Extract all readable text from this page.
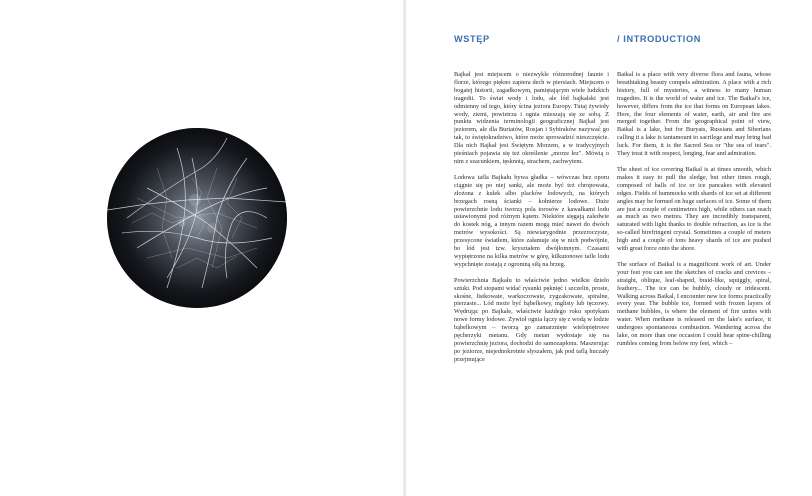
WSTĘP	/ INTRODUCTION

Bajkał jest miejscem o niezwykle różnorodnej faunie i florze, którego piękno zapiera dech w piersiach. Miejscem o bogatej historii, zagadkowym, pamiętającym wiele ludzkich tragedii. To świat wody i lodu, ale lód bajkalski jest odmienny od tego, który ścina jeziora Europy. Tutaj żywioły wody, ziemi, powietrza i ognia mieszają się ze sobą. Z punktu widzenia terminologii geograficznej Bajkał jest jeziorem, ale dla Buriatów, Rosjan i Sybiraków nazywać go tak, to świętokradztwo, które może sprowadzić nieszczęście. Dla nich Bajkał jest Świętym Morzem, a w tradycyjnych pieśniach pojawia się też określenie „morze łez". Mówią o nim z szacunkiem, tęsknotą, strachem, zachwytem.

Lodowa tafla Bajkału bywa gładka – wówczas bez oporu ciągnie się po niej sanki, ale może być też chropowata, złożona z kulek albo placków lodowych, na których brzegach rosną ścianki – kołnierze lodowe. Duże powierzchnie lodu tworzą pola torosów z kawałkami lodu ustawionymi pod różnym kątem. Niektóre sięgają zaledwie do kostek nóg, a innym razem mogą mieć nawet do dwóch metrów wysokości. Są niewiarygodnie przezroczyste, przesycone światłem, które załamuje się w nich podwójnie, bo lód jest tzw. kryształem dwójłomnym. Czasami wypiętrzone na kilka metrów w górę, kilkutonowe tafle lodu wypchnięte zostają z ogromną siłą na brzeg.

Powierzchnia Bajkału to właściwie jedno wielkie dzieło sztuki. Pod stopami widać rysunki pęknięć i szczelin, proste, skośne, listkowate, warkoczowate, zygzakowate, spiralne, pierzaste... Lód może być bąbelkowy, mglisty lub tęczowy. Wędrując po Bajkale, właściwie każdego roku spotykam nowe formy lodowe. Żywioł ognia łączy się z wodą w lodzie bąbelkowym – tworzą go zamarznięte wielopiętrowe pęcherzyki metanu. Gdy metan wydostaje się na powierzchnię jeziora, dochodzi do samozapłonu. Maszerując po jeziorze, niejednokrotnie słyszałem, jak pod taflą huczały przejmujące

Baikal is a place with very diverse flora and fauna, whose breathtaking beauty compels admiration. A place with a rich history, full of mysteries, a witness to many human tragedies. It is the world of water and ice. The Baikal's ice, however, differs from the ice that forms on European lakes. Here, the four elements of water, earth, air and fire are merged together. From the geographical point of view, Baikal is a lake, but for Buryats, Russians and Siberians calling it a lake is tantamount to sacrilege and may bring bad luck. For them, it is the Sacred Sea or "the sea of tears". They treat it with respect, longing, fear and admiration.

The sheet of ice covering Baikal is at times smooth, which makes it easy to pull the sledge, but other times rough, composed of balls of ice or ice pancakes with elevated edges. Fields of hummocks with shards of ice set at different angles may be formed on huge surfaces of ice. Some of them are just a couple of centimetres high, while others can reach as much as two metres. They are incredibly transparent, saturated with light thanks to double refraction, as ice is the so-called birefringent crystal. Sometimes a couple of meters high and a couple of tons heavy shards of ice are pushed with great force onto the shore.

The surface of Baikal is a magnificent work of art. Under your feet you can see the sketches of cracks and crevices – straight, oblique, leaf-shaped, braid-like, squiggly, spiral, feathery... The ice can be bubbly, cloudy or iridescent. Walking across Baikal, I encounter new ice forms practically every year. The bubble ice, formed with frozen layers of methane bubbles, is where the element of fire unites with water. When methane is released on the lake's surface, it undergoes spontaneous combustion. Wandering across the lake, on more than one occasion I could hear spine-chilling rumbles coming from below my feet, which –
